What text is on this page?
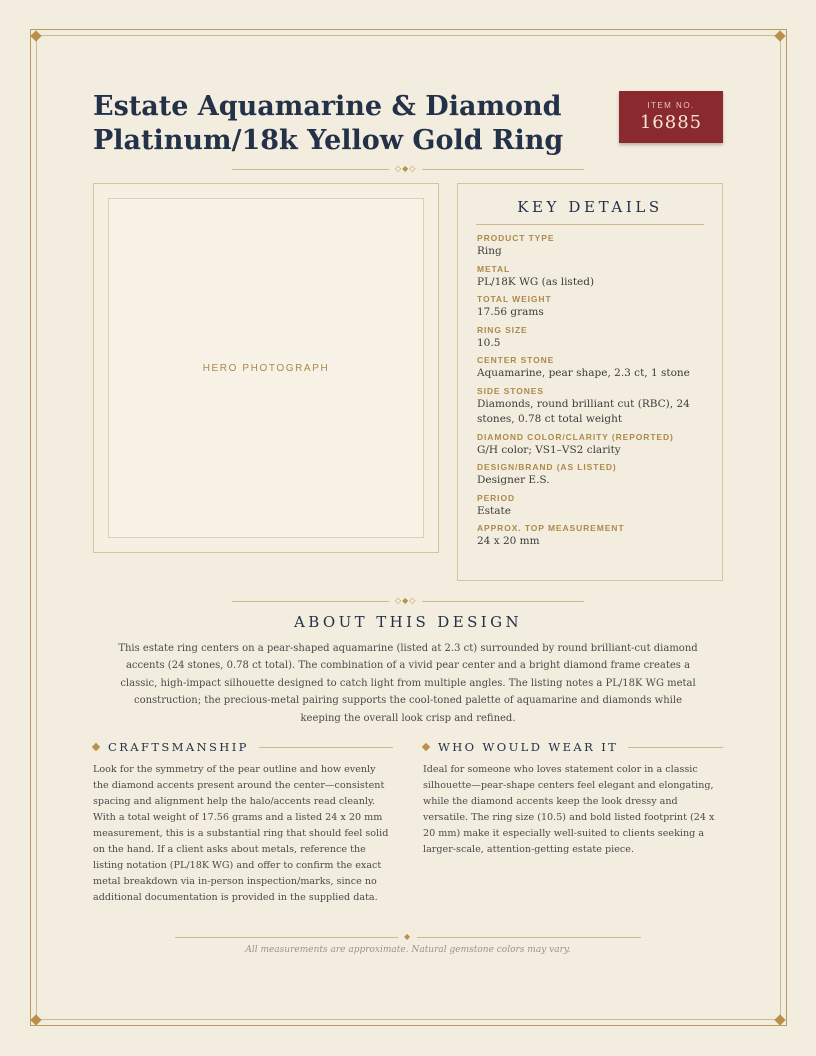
Estate Aquamarine & Diamond
Platinum/18k Yellow Gold Ring
ITEM NO.
16885
◇◆◇
HERO PHOTOGRAPH
KEY DETAILS
PRODUCT TYPE
Ring
METAL
PL/18K WG (as listed)
TOTAL WEIGHT
17.56 grams
RING SIZE
10.5
CENTER STONE
Aquamarine, pear shape, 2.3 ct, 1 stone
SIDE STONES
Diamonds, round brilliant cut (RBC), 24 stones, 0.78 ct total weight
DIAMOND COLOR/CLARITY (REPORTED)
G/H color; VS1–VS2 clarity
DESIGN/BRAND (AS LISTED)
Designer E.S.
PERIOD
Estate
APPROX. TOP MEASUREMENT
24 x 20 mm
◇◆◇
ABOUT THIS DESIGN
This estate ring centers on a pear-shaped aquamarine (listed at 2.3 ct) surrounded by round brilliant-cut diamond accents (24 stones, 0.78 ct total). The combination of a vivid pear center and a bright diamond frame creates a classic, high-impact silhouette designed to catch light from multiple angles. The listing notes a PL/18K WG metal construction; the precious-metal pairing supports the cool-toned palette of aquamarine and diamonds while keeping the overall look crisp and refined.
CRAFTSMANSHIP
Look for the symmetry of the pear outline and how evenly the diamond accents present around the center—consistent spacing and alignment help the halo/accents read cleanly. With a total weight of 17.56 grams and a listed 24 x 20 mm measurement, this is a substantial ring that should feel solid on the hand. If a client asks about metals, reference the listing notation (PL/18K WG) and offer to confirm the exact metal breakdown via in-person inspection/marks, since no additional documentation is provided in the supplied data.
WHO WOULD WEAR IT
Ideal for someone who loves statement color in a classic silhouette—pear-shape centers feel elegant and elongating, while the diamond accents keep the look dressy and versatile. The ring size (10.5) and bold listed footprint (24 x 20 mm) make it especially well-suited to clients seeking a larger-scale, attention-getting estate piece.
◆
All measurements are approximate. Natural gemstone colors may vary.
